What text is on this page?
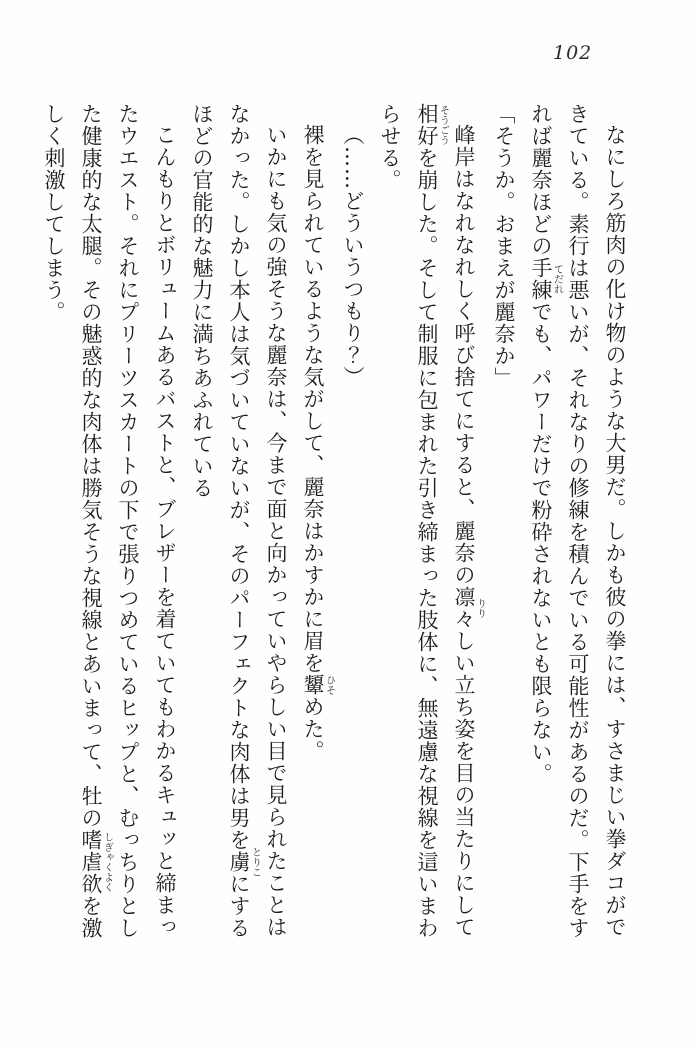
102

なにしろ筋肉の化け物のような大男だ。しかも彼の拳には、すさまじい拳ダコができている。素行は悪いが、それなりの修練を積んでいる可能性があるのだ。下手をすれば麗奈ほどの手練てだれでも、パワーだけで粉砕されないとも限らない。

「そうか。おまえが麗奈か」

峰岸はなれなれしく呼び捨てにすると、麗奈の凛々りりしい立ち姿を目の当たりにして相好そうごうを崩した。そして制服に包まれた引き締まった肢体に、無遠慮な視線を這いまわらせる。

（……どういうつもり？）

裸を見られているような気がして、麗奈はかすかに眉を顰ひそめた。

いかにも気の強そうな麗奈は、今まで面と向かっていやらしい目で見られたことはなかった。しかし本人は気づいていないが、そのパーフェクトな肉体は男を虜とりこにするほどの官能的な魅力に満ちあふれている

こんもりとボリュームあるバストと、ブレザーを着ていてもわかるキュッと締まったウエスト。それにプリーツスカートの下で張りつめているヒップと、むっちりとした健康的な太腿。その魅惑的な肉体は勝気そうな視線とあいまって、牡の嗜虐欲しぎゃくよくを激しく刺激してしまう。
